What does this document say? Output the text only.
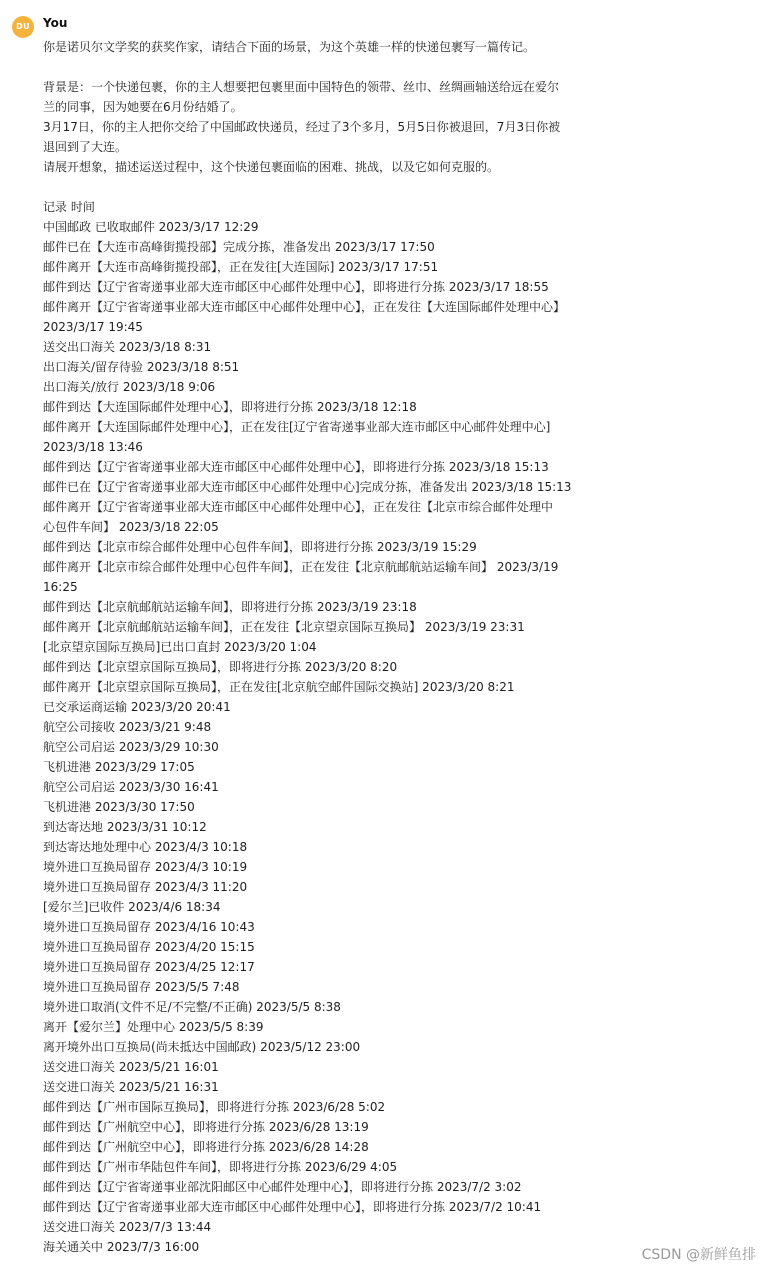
DU	You
你是诺贝尔文学奖的获奖作家，请结合下面的场景，为这个英雄一样的快递包裹写一篇传记。
背景是：一个快递包裹，你的主人想要把包裹里面中国特色的领带、丝巾、丝绸画轴送给远在爱尔
兰的同事，因为她要在6月份结婚了。
3月17日，你的主人把你交给了中国邮政快递员，经过了3个多月，5月5日你被退回，7月3日你被
退回到了大连。
请展开想象，描述运送过程中，这个快递包裹面临的困难、挑战，以及它如何克服的。
记录 时间
中国邮政 已收取邮件 2023/3/17 12:29
邮件已在【大连市高峰街揽投部】完成分拣，准备发出 2023/3/17 17:50
邮件离开【大连市高峰街揽投部】，正在发往[大连国际] 2023/3/17 17:51
邮件到达【辽宁省寄递事业部大连市邮区中心邮件处理中心】，即将进行分拣 2023/3/17 18:55
邮件离开【辽宁省寄递事业部大连市邮区中心邮件处理中心】，正在发往【大连国际邮件处理中心】
2023/3/17 19:45
送交出口海关 2023/3/18 8:31
出口海关/留存待验 2023/3/18 8:51
出口海关/放行 2023/3/18 9:06
邮件到达【大连国际邮件处理中心】，即将进行分拣 2023/3/18 12:18
邮件离开【大连国际邮件处理中心】，正在发往[辽宁省寄递事业部大连市邮区中心邮件处理中心]
2023/3/18 13:46
邮件到达【辽宁省寄递事业部大连市邮区中心邮件处理中心】，即将进行分拣 2023/3/18 15:13
邮件已在【辽宁省寄递事业部大连市邮区中心邮件处理中心]完成分拣，准备发出 2023/3/18 15:13
邮件离开【辽宁省寄递事业部大连市邮区中心邮件处理中心】，正在发往【北京市综合邮件处理中
心包件车间】 2023/3/18 22:05
邮件到达【北京市综合邮件处理中心包件车间】，即将进行分拣 2023/3/19 15:29
邮件离开【北京市综合邮件处理中心包件车间】，正在发往【北京航邮航站运输车间】 2023/3/19
16:25
邮件到达【北京航邮航站运输车间】，即将进行分拣 2023/3/19 23:18
邮件离开【北京航邮航站运输车间】，正在发往【北京望京国际互换局】 2023/3/19 23:31
[北京望京国际互换局]已出口直封 2023/3/20 1:04
邮件到达【北京望京国际互换局】，即将进行分拣 2023/3/20 8:20
邮件离开【北京望京国际互换局】，正在发往[北京航空邮件国际交换站] 2023/3/20 8:21
已交承运商运输 2023/3/20 20:41
航空公司接收 2023/3/21 9:48
航空公司启运 2023/3/29 10:30
飞机进港 2023/3/29 17:05
航空公司启运 2023/3/30 16:41
飞机进港 2023/3/30 17:50
到达寄达地 2023/3/31 10:12
到达寄达地处理中心 2023/4/3 10:18
境外进口互换局留存 2023/4/3 10:19
境外进口互换局留存 2023/4/3 11:20
[爱尔兰]已收件 2023/4/6 18:34
境外进口互换局留存 2023/4/16 10:43
境外进口互换局留存 2023/4/20 15:15
境外进口互换局留存 2023/4/25 12:17
境外进口互换局留存 2023/5/5 7:48
境外进口取消(文件不足/不完整/不正确) 2023/5/5 8:38
离开【爱尔兰】处理中心 2023/5/5 8:39
离开境外出口互换局(尚未抵达中国邮政) 2023/5/12 23:00
送交进口海关 2023/5/21 16:01
送交进口海关 2023/5/21 16:31
邮件到达【广州市国际互换局】，即将进行分拣 2023/6/28 5:02
邮件到达【广州航空中心】，即将进行分拣 2023/6/28 13:19
邮件到达【广州航空中心】，即将进行分拣 2023/6/28 14:28
邮件到达【广州市华陆包件车间】，即将进行分拣 2023/6/29 4:05
邮件到达【辽宁省寄递事业部沈阳邮区中心邮件处理中心】，即将进行分拣 2023/7/2 3:02
邮件到达【辽宁省寄递事业部大连市邮区中心邮件处理中心】，即将进行分拣 2023/7/2 10:41
送交进口海关 2023/7/3 13:44
海关通关中 2023/7/3 16:00	CSDN @新鲜鱼排
